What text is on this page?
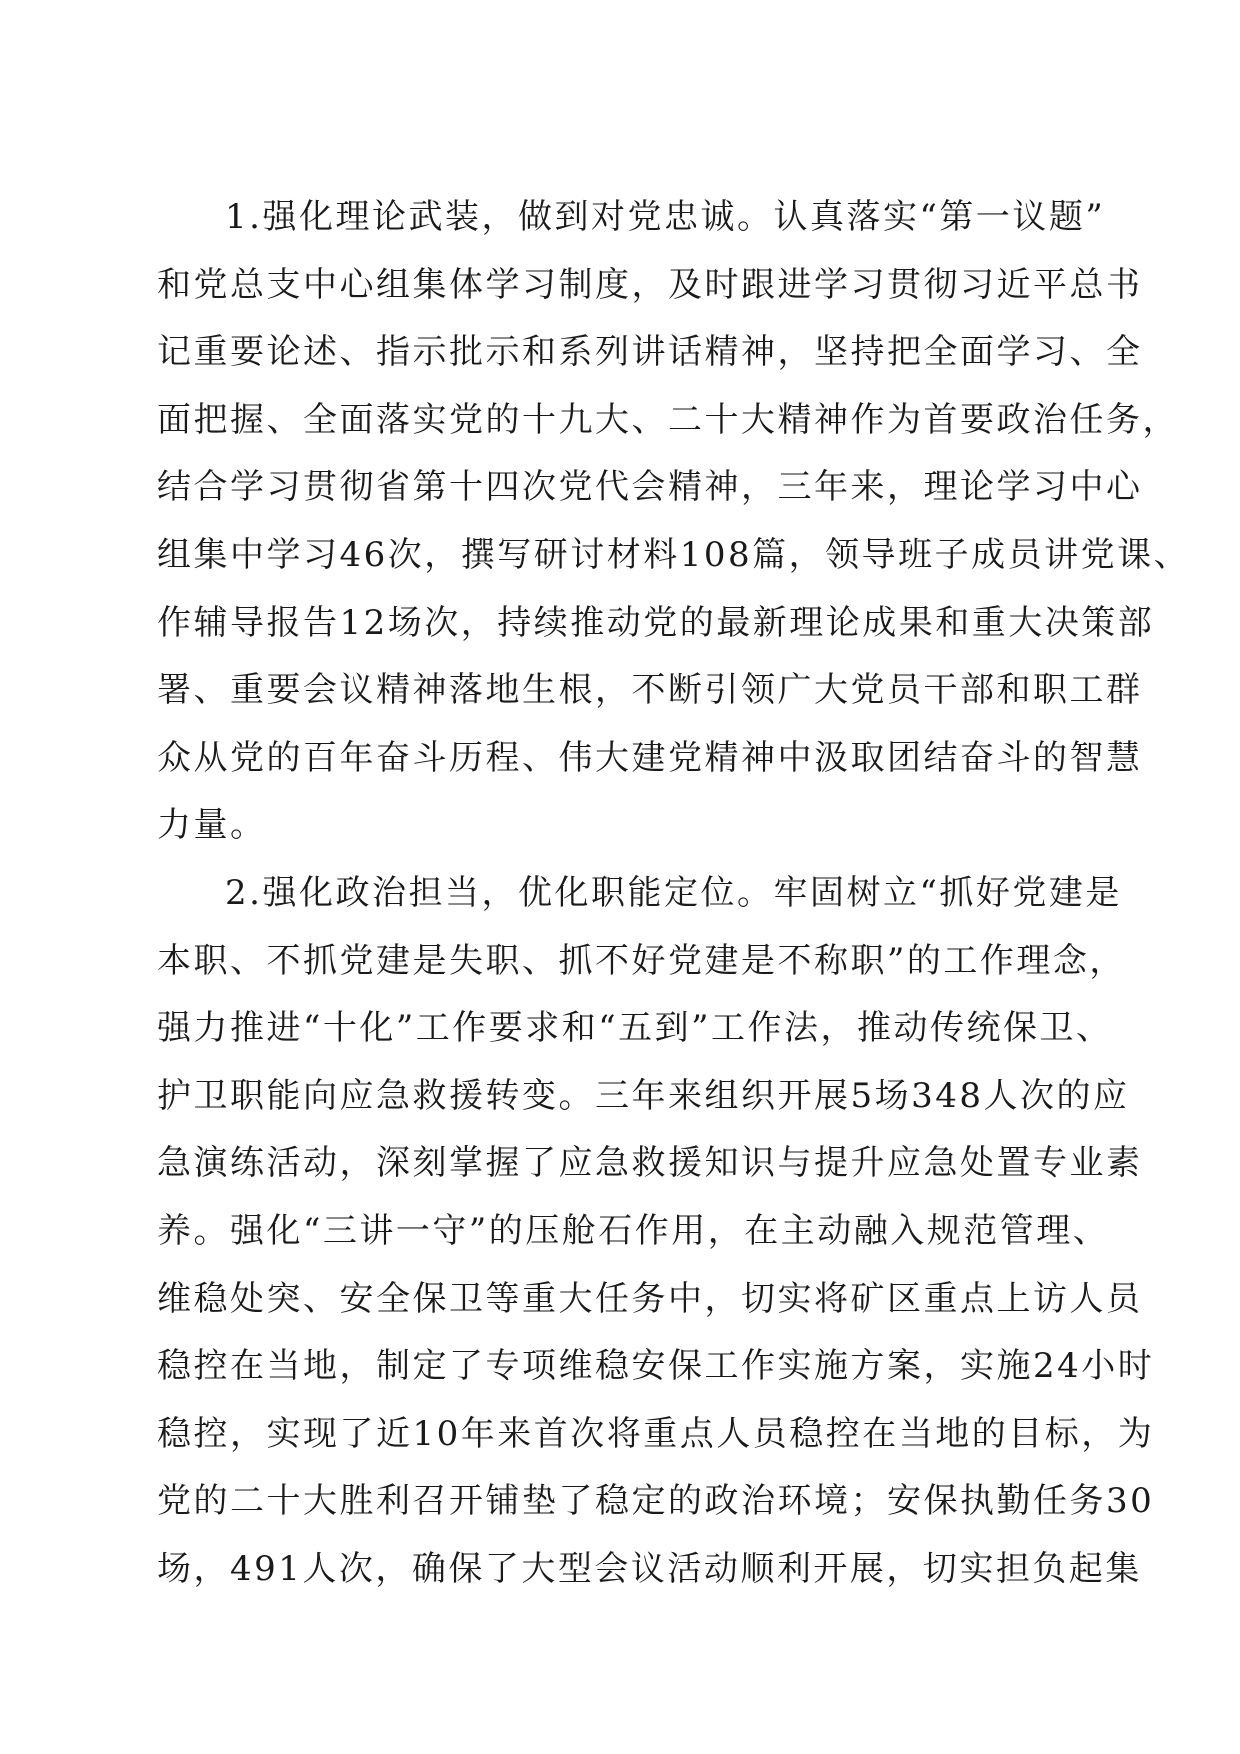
1.强化理论武装，做到对党忠诚。认真落实“第一议题”
和党总支中心组集体学习制度，及时跟进学习贯彻习近平总书
记重要论述、指示批示和系列讲话精神，坚持把全面学习、全
面把握、全面落实党的十九大、二十大精神作为首要政治任务，
结合学习贯彻省第十四次党代会精神，三年来，理论学习中心
组集中学习46次，撰写研讨材料108篇，领导班子成员讲党课、
作辅导报告12场次，持续推动党的最新理论成果和重大决策部
署、重要会议精神落地生根，不断引领广大党员干部和职工群
众从党的百年奋斗历程、伟大建党精神中汲取团结奋斗的智慧
力量。
2.强化政治担当，优化职能定位。牢固树立“抓好党建是
本职、不抓党建是失职、抓不好党建是不称职”的工作理念，
强力推进“十化”工作要求和“五到”工作法，推动传统保卫、
护卫职能向应急救援转变。三年来组织开展5场348人次的应
急演练活动，深刻掌握了应急救援知识与提升应急处置专业素
养。强化“三讲一守”的压舱石作用，在主动融入规范管理、
维稳处突、安全保卫等重大任务中，切实将矿区重点上访人员
稳控在当地，制定了专项维稳安保工作实施方案，实施24小时
稳控，实现了近10年来首次将重点人员稳控在当地的目标，为
党的二十大胜利召开铺垫了稳定的政治环境；安保执勤任务30
场，491人次，确保了大型会议活动顺利开展，切实担负起集
